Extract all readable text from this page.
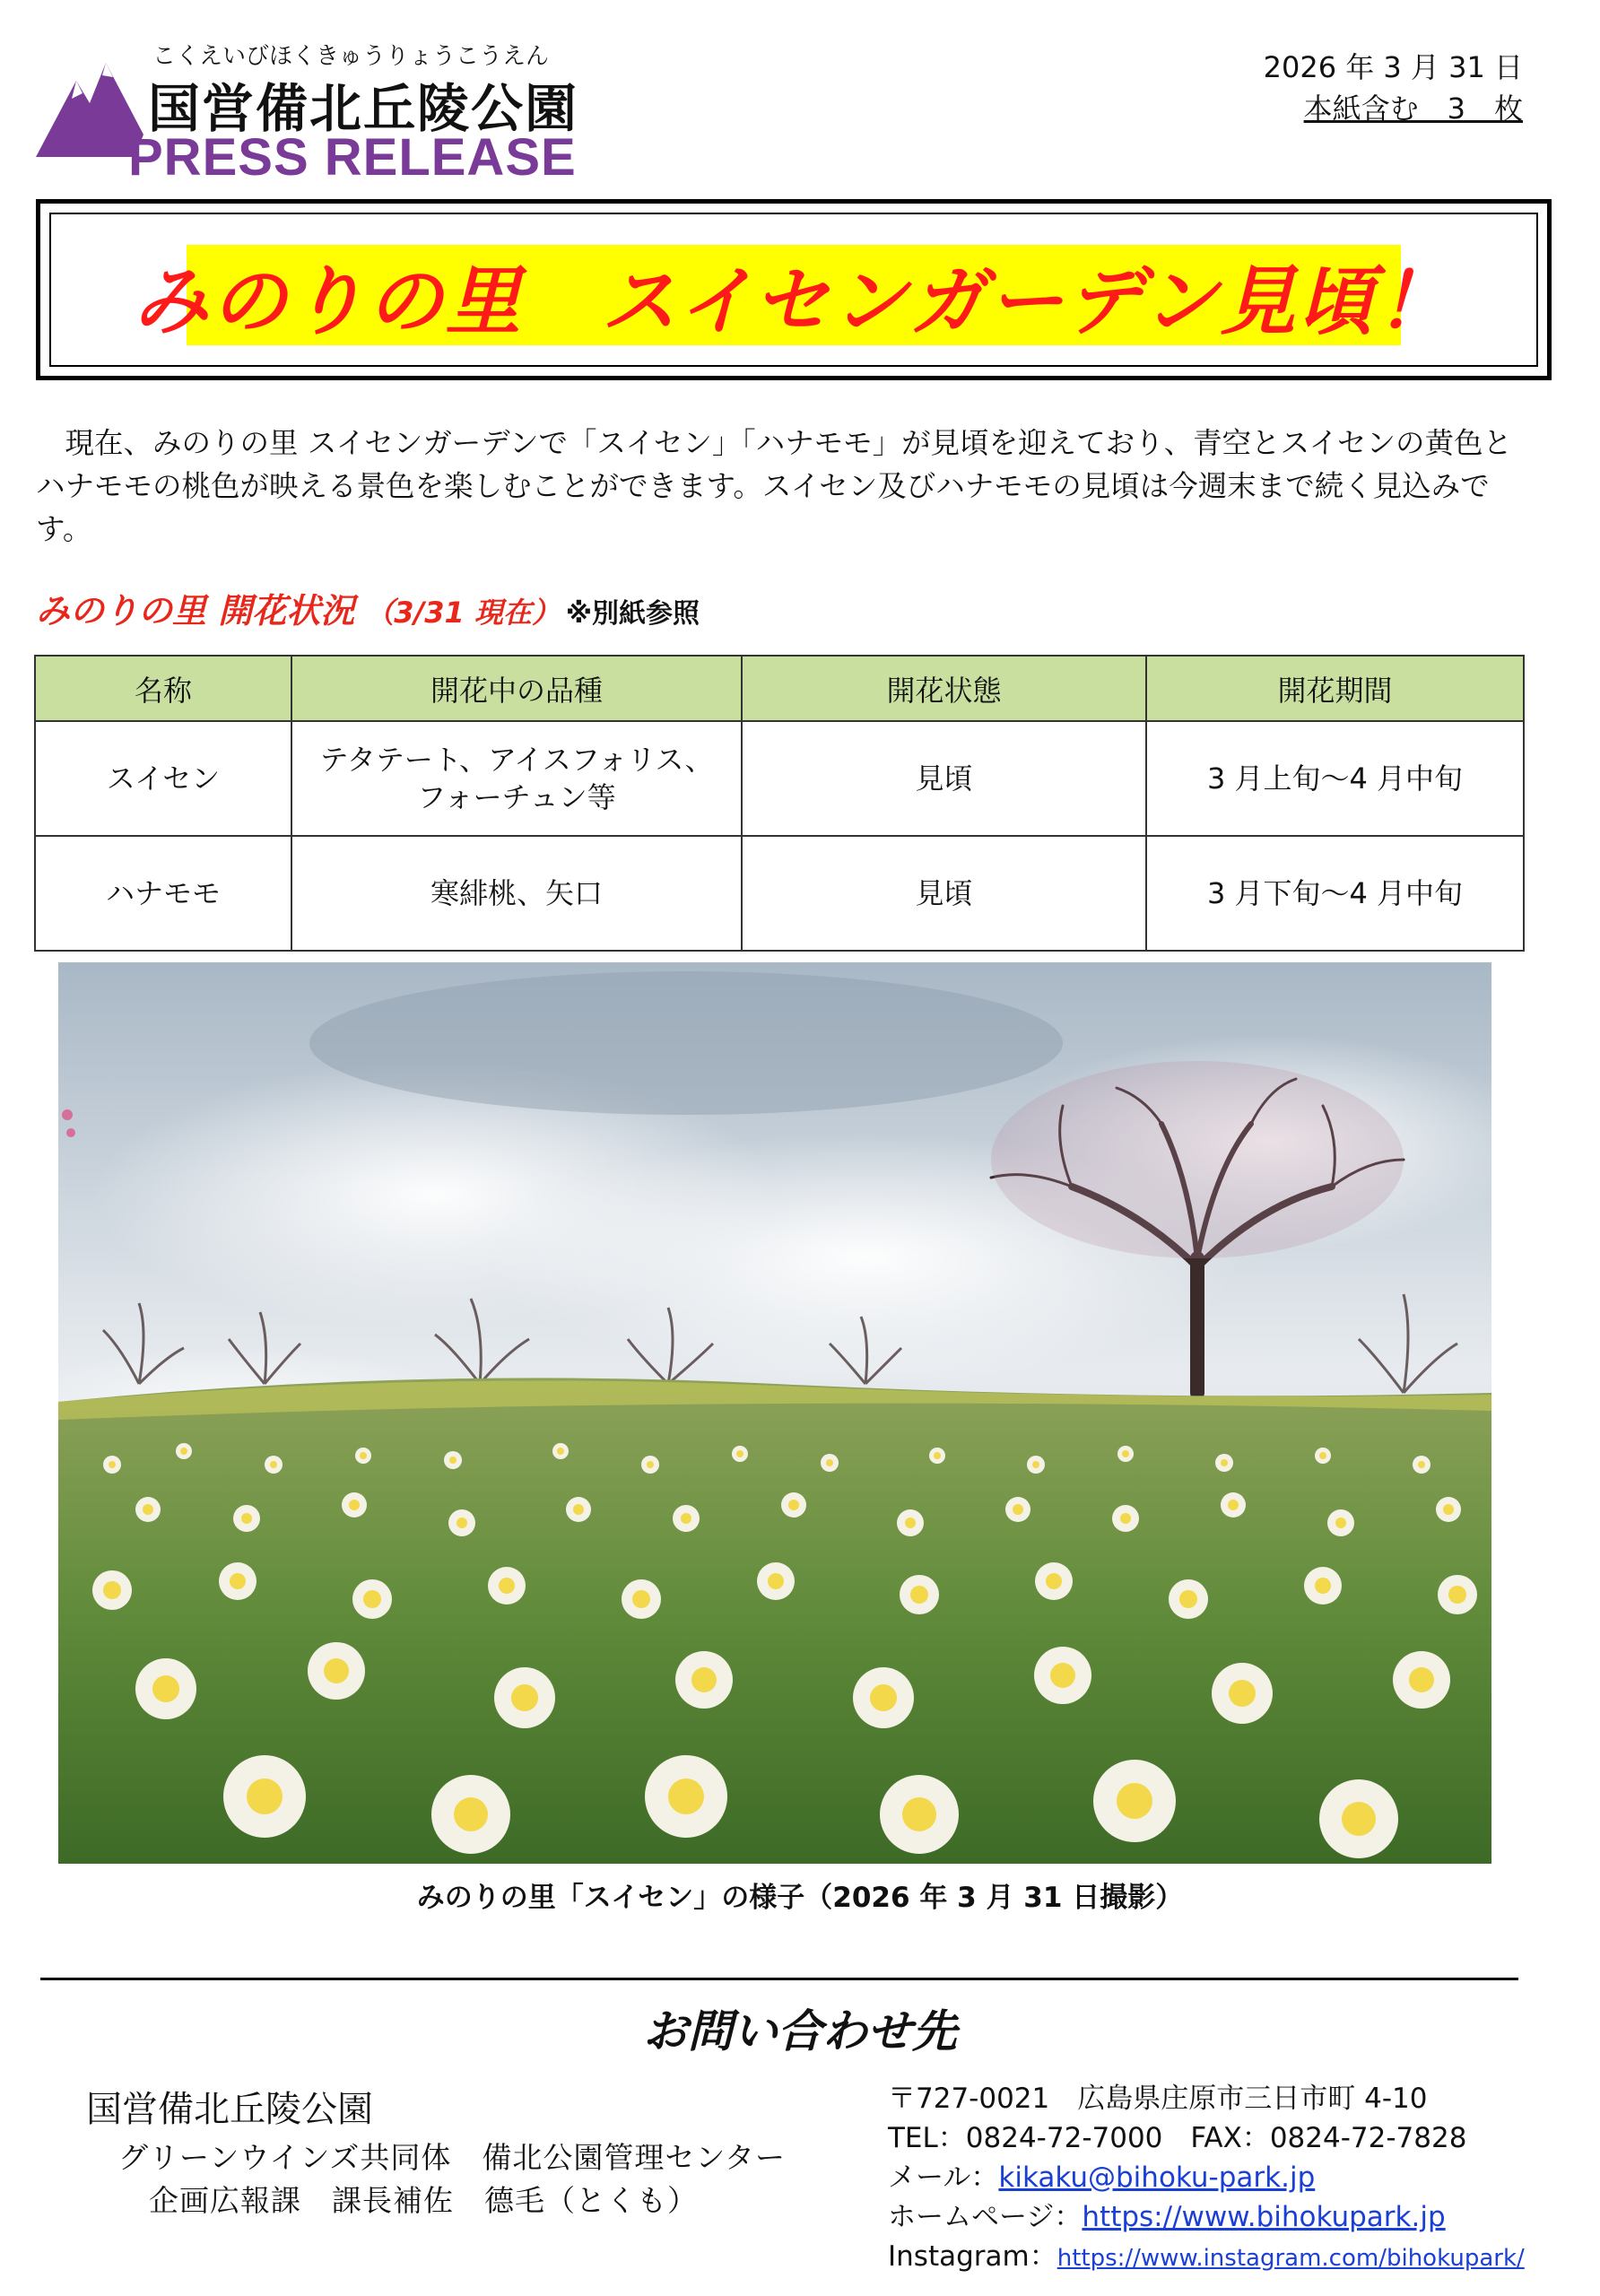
こくえいびほくきゅうりょうこうえん
国営備北丘陵公園
PRESS RELEASE
2026 年 3 月 31 日
本紙含む　3　枚
みのりの里　スイセンガーデン見頃！

現在、みのりの里 スイセンガーデンで「スイセン」「ハナモモ」が見頃を迎えており、青空とスイセンの黄色とハナモモの桃色が映える景色を楽しむことができます。スイセン及びハナモモの見頃は今週末まで続く見込みです。

みのりの里 開花状況 （3/31 現在） ※別紙参照
名称	開花中の品種	開花状態	開花期間
スイセン	テタテート、アイスフォリス、
フォーチュン等	見頃	3 月上旬～4 月中旬
ハナモモ	寒緋桃、矢口	見頃	3 月下旬～4 月中旬
みのりの里「スイセン」の様子（2026 年 3 月 31 日撮影）
お問い合わせ先
国営備北丘陵公園
グリーンウインズ共同体　備北公園管理センター
企画広報課　課長補佐　德毛（とくも）
〒727-0021　広島県庄原市三日市町 4-10
TEL：0824-72-7000　FAX：0824-72-7828
メール：kikaku@bihoku-park.jp
ホームページ：https://www.bihokupark.jp
Instagram：https://www.instagram.com/bihokupark/
